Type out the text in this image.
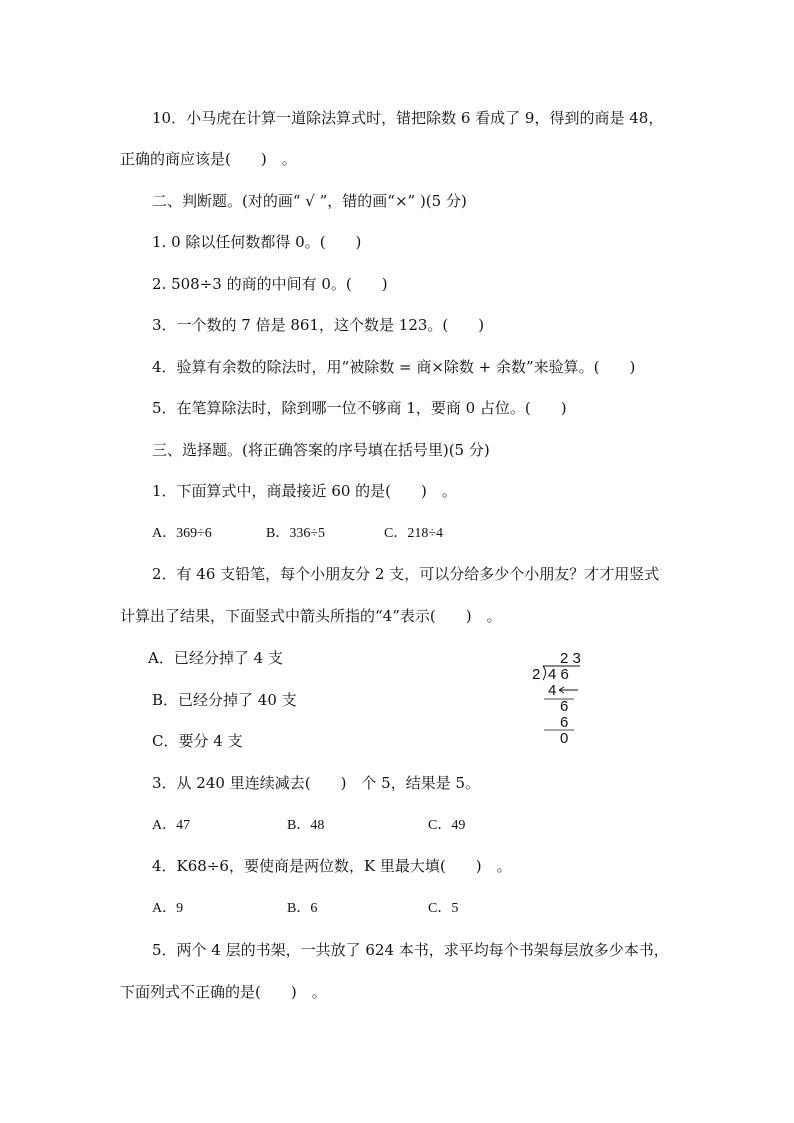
10．小马虎在计算一道除法算式时，错把除数 6 看成了 9，得到的商是 48，
正确的商应该是(　　)　。
二、判断题。(对的画“ √ ”，错的画“×” )(5 分)
1. 0 除以任何数都得 0。(　　)
2. 508÷3 的商的中间有 0。(　　)
3．一个数的 7 倍是 861，这个数是 123。(　　)
4．验算有余数的除法时，用“被除数 = 商×除数 + 余数”来验算。(　　)
5．在笔算除法时，除到哪一位不够商 1，要商 0 占位。(　　)
三、选择题。(将正确答案的序号填在括号里)(5 分)
1．下面算式中，商最接近 60 的是(　　)　。
A．369÷6	B．336÷5	C．218÷4
2．有 46 支铅笔，每个小朋友分 2 支，可以分给多少个小朋友？才才用竖式
计算出了结果，下面竖式中箭头所指的“4”表示(　　)　。
A．已经分掉了 4 支
B．已经分掉了 40 支
C．要分 4 支
2 3
2 4 6
4
6
6
0
3．从 240 里连续减去(　　)　个 5，结果是 5。
A．47	B．48	C．49
4．K68÷6，要使商是两位数，K 里最大填(　　)　。
A．9	B．6	C．5
5．两个 4 层的书架，一共放了 624 本书，求平均每个书架每层放多少本书，
下面列式不正确的是(　　)　。
